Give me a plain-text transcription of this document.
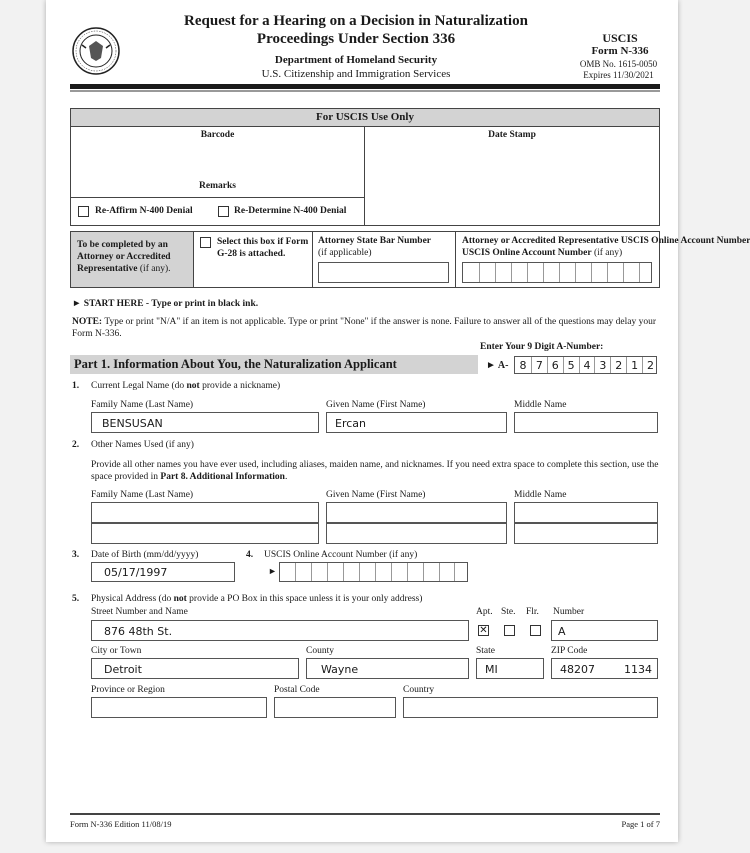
Request for a Hearing on a Decision in Naturalization
Proceedings Under Section 336
Department of Homeland Security
U.S. Citizenship and Immigration Services
USCIS
Form N-336
OMB No. 1615-0050
Expires 11/30/2021
For USCIS Use Only
Barcode	Date Stamp
Remarks
Re-Affirm N-400 Denial	Re-Determine N-400 Denial
To be completed by an Attorney or Accredited Representative (if any).
Select this box if Form G-28 is attached.
Attorney State Bar Number
(if applicable)
Attorney or Accredited Representative USCIS Online Account Number
USCIS Online Account Number (if any)
► START HERE - Type or print in black ink.
NOTE: Type or print "N/A" if an item is not applicable. Type or print "None" if the answer is none. Failure to answer all of the questions may delay your Form N-336.
Enter Your 9 Digit A-Number:
► A-	8 7 6 5 4 3 2 1 2
Part 1. Information About You, the Naturalization Applicant
1. Current Legal Name (do not provide a nickname)
Family Name (Last Name)	Given Name (First Name)	Middle Name
BENSUSAN	Ercan
2. Other Names Used (if any)
Provide all other names you have ever used, including aliases, maiden name, and nicknames. If you need extra space to complete this section, use the space provided in Part 8. Additional Information.
Family Name (Last Name)	Given Name (First Name)	Middle Name
3. Date of Birth (mm/dd/yyyy)
05/17/1997
4. USCIS Online Account Number (if any)
►
5. Physical Address (do not provide a PO Box in this space unless it is your only address)
Street Number and Name
876 48th St.
Apt. Ste. Flr. Number
✕	A
City or Town	County	State	ZIP Code
Detroit	Wayne	MI	48207	1134
Province or Region	Postal Code	Country
Form N-336 Edition 11/08/19	Page 1 of 7
